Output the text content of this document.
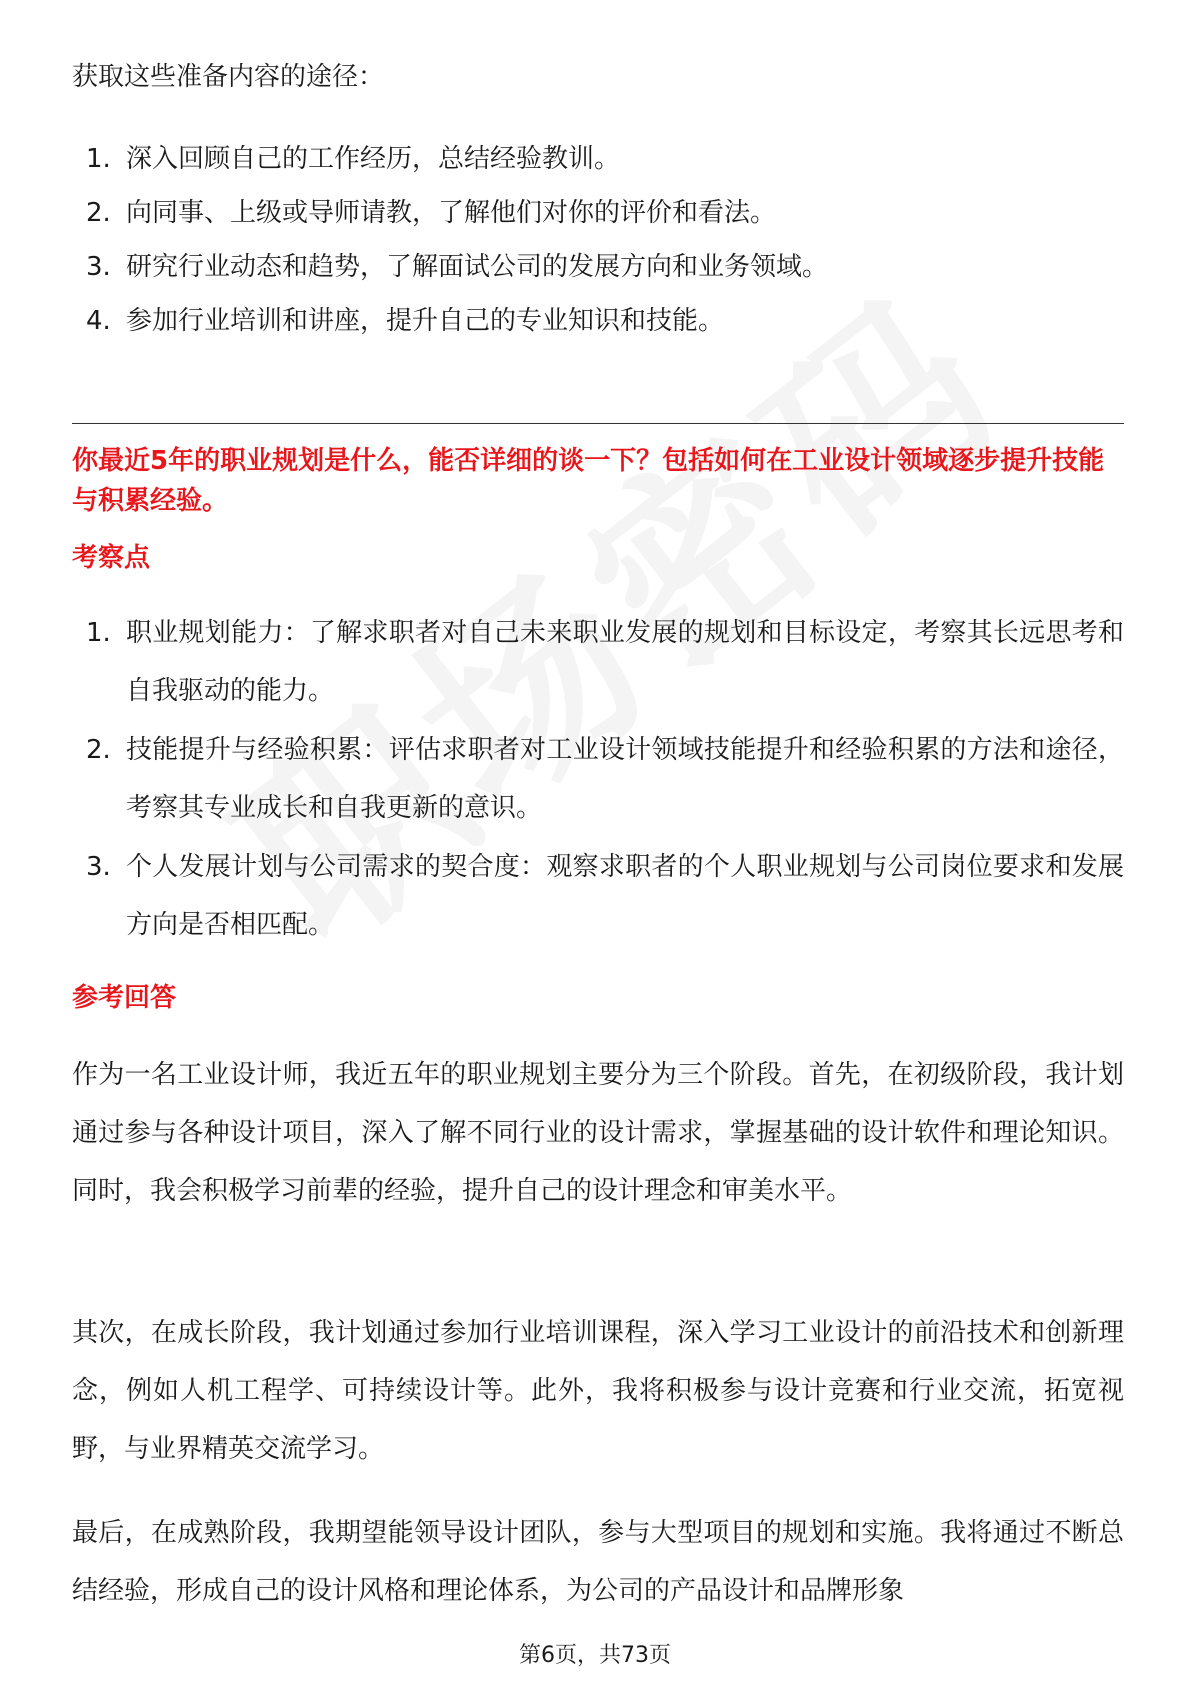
获取这些准备内容的途径：
1. 深入回顾自己的工作经历，总结经验教训。
2. 向同事、上级或导师请教，了解他们对你的评价和看法。
3. 研究行业动态和趋势，了解面试公司的发展方向和业务领域。
4. 参加行业培训和讲座，提升自己的专业知识和技能。
你最近5年的职业规划是什么，能否详细的谈一下？包括如何在工业设计领域逐步提升技能与积累经验。
考察点
1. 职业规划能力：了解求职者对自己未来职业发展的规划和目标设定，考察其长远思考和自我驱动的能力。
2. 技能提升与经验积累：评估求职者对工业设计领域技能提升和经验积累的方法和途径，考察其专业成长和自我更新的意识。
3. 个人发展计划与公司需求的契合度：观察求职者的个人职业规划与公司岗位要求和发展方向是否相匹配。
参考回答
作为一名工业设计师，我近五年的职业规划主要分为三个阶段。首先，在初级阶段，我计划通过参与各种设计项目，深入了解不同行业的设计需求，掌握基础的设计软件和理论知识。同时，我会积极学习前辈的经验，提升自己的设计理念和审美水平。
其次，在成长阶段，我计划通过参加行业培训课程，深入学习工业设计的前沿技术和创新理念，例如人机工程学、可持续设计等。此外，我将积极参与设计竞赛和行业交流，拓宽视野，与业界精英交流学习。
最后，在成熟阶段，我期望能领导设计团队，参与大型项目的规划和实施。我将通过不断总结经验，形成自己的设计风格和理论体系，为公司的产品设计和品牌形象
第6页，共73页
